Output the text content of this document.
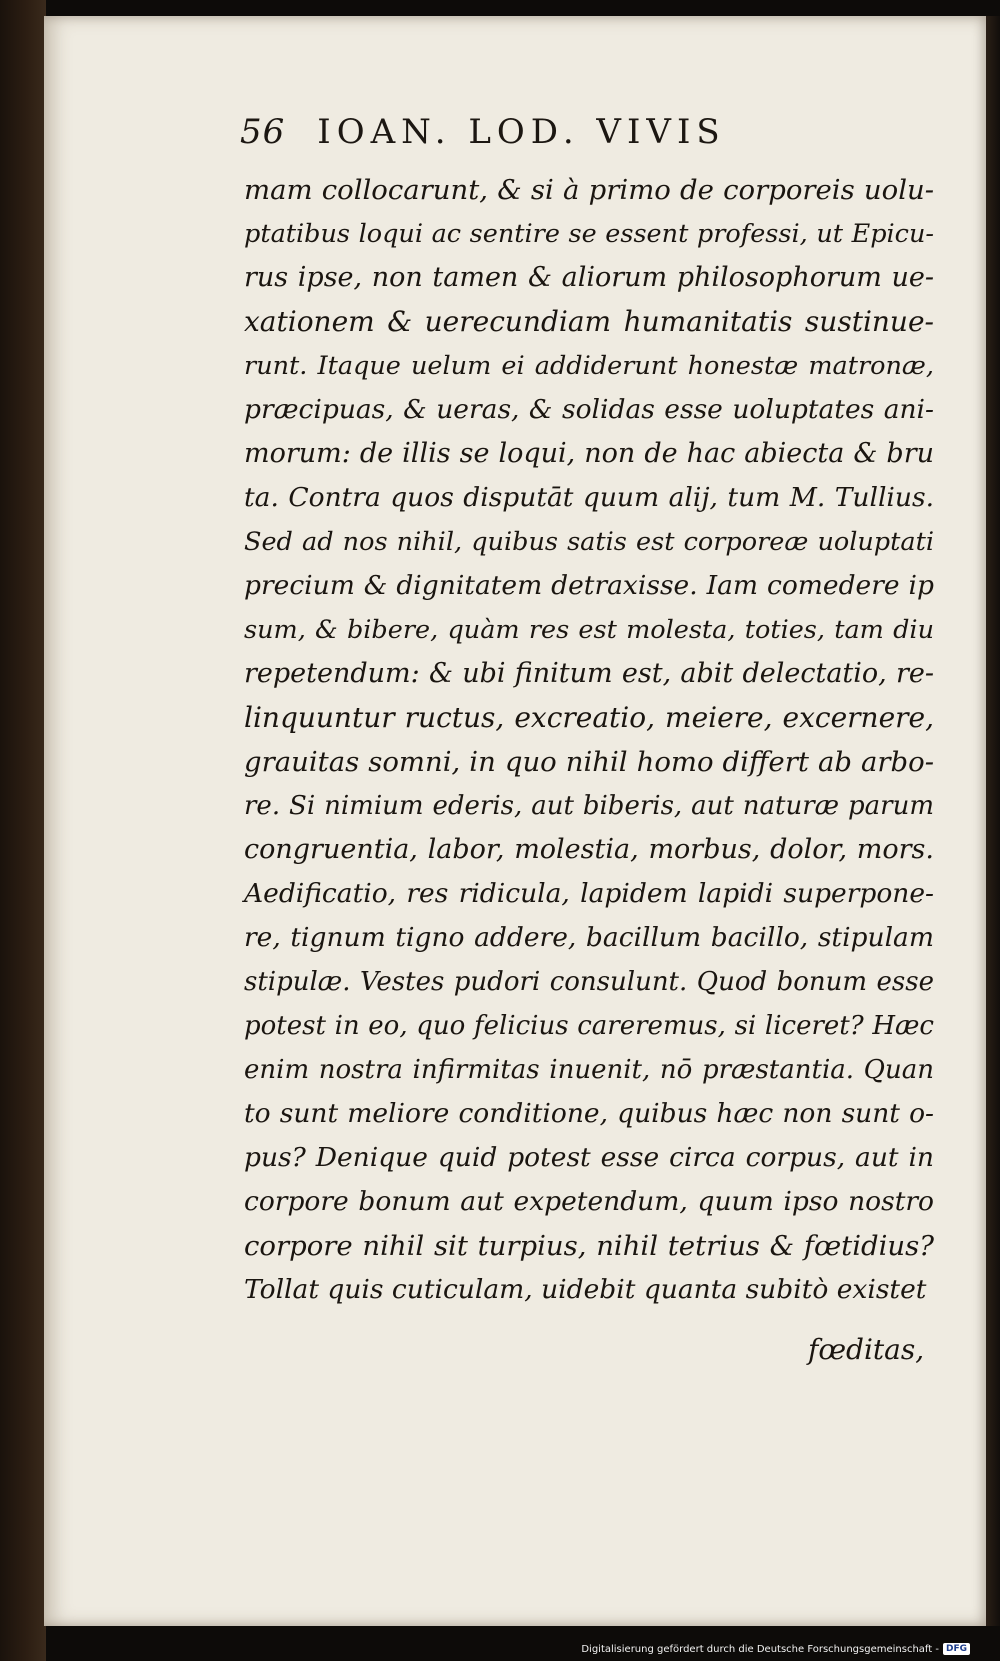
56 IOAN. LOD. VIVIS
mam collocarunt, & si à primo de corporeis uolu-
ptatibus loqui ac sentire se essent professi, ut Epicu-
rus ipse, non tamen & aliorum philosophorum ue-
xationem & uerecundiam humanitatis sustinue-
runt. Itaque uelum ei addiderunt honestæ matronæ,
præcipuas, & ueras, & solidas esse uoluptates ani-
morum: de illis se loqui, non de hac abiecta & bru
ta. Contra quos disputāt quum alij, tum M. Tullius.
Sed ad nos nihil, quibus satis est corporeæ uoluptati
precium & dignitatem detraxisse. Iam comedere ip
sum, & bibere, quàm res est molesta, toties, tam diu
repetendum: & ubi finitum est, abit delectatio, re-
linquuntur ructus, excreatio, meiere, excernere,
grauitas somni, in quo nihil homo differt ab arbo-
re. Si nimium ederis, aut biberis, aut naturæ parum
congruentia, labor, molestia, morbus, dolor, mors.
Aedificatio, res ridicula, lapidem lapidi superpone-
re, tignum tigno addere, bacillum bacillo, stipulam
stipulæ. Vestes pudori consulunt. Quod bonum esse
potest in eo, quo felicius careremus, si liceret? Hæc
enim nostra infirmitas inuenit, nō præstantia. Quan
to sunt meliore conditione, quibus hæc non sunt o-
pus? Denique quid potest esse circa corpus, aut in
corpore bonum aut expetendum, quum ipso nostro
corpore nihil sit turpius, nihil tetrius & fœtidius?
Tollat quis cuticulam, uidebit quanta subitò existet
fœditas,
Digitalisierung gefördert durch die Deutsche Forschungsgemeinschaft - DFG
